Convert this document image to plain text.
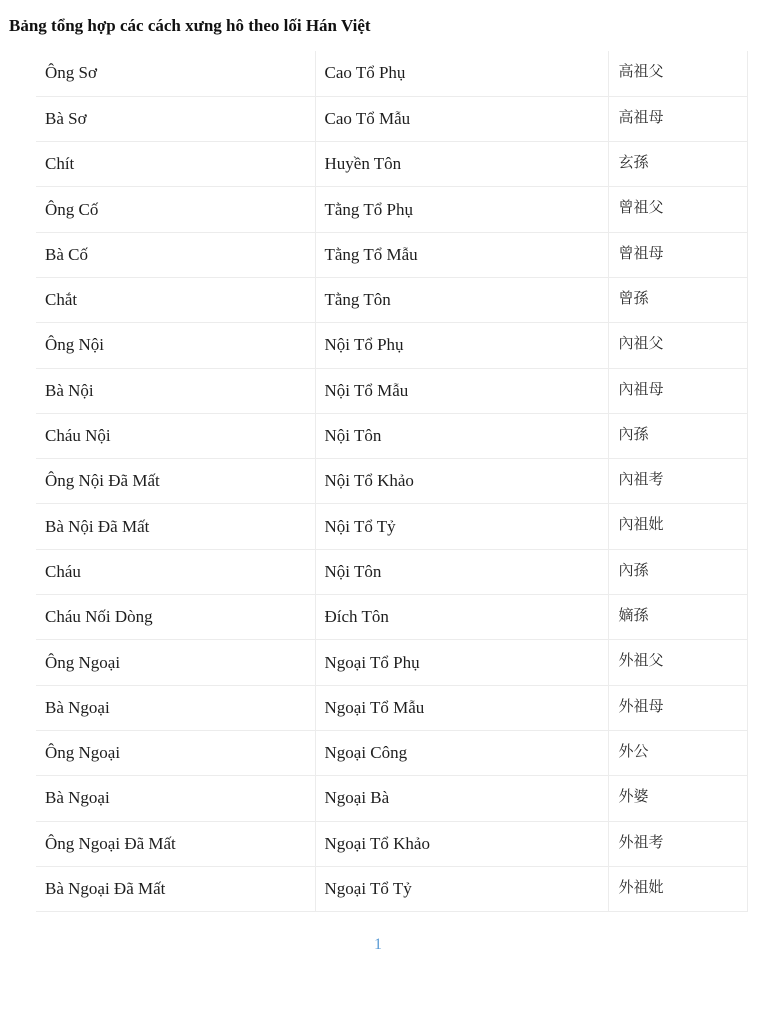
Bảng tổng hợp các cách xưng hô theo lối Hán Việt
Ông Sơ	Cao Tổ Phụ	高祖父
Bà Sơ	Cao Tổ Mẫu	高祖母
Chít	Huyền Tôn	玄孫
Ông Cố	Tằng Tổ Phụ	曾祖父
Bà Cố	Tằng Tổ Mẫu	曾祖母
Chắt	Tằng Tôn	曾孫
Ông Nội	Nội Tổ Phụ	內祖父
Bà Nội	Nội Tổ Mẫu	內祖母
Cháu Nội	Nội Tôn	內孫
Ông Nội Đã Mất	Nội Tổ Khảo	內祖考
Bà Nội Đã Mất	Nội Tổ Tỷ	內祖妣
Cháu	Nội Tôn	內孫
Cháu Nối Dòng	Đích Tôn	嫡孫
Ông Ngoại	Ngoại Tổ Phụ	外祖父
Bà Ngoại	Ngoại Tổ Mẫu	外祖母
Ông Ngoại	Ngoại Công	外公
Bà Ngoại	Ngoại Bà	外婆
Ông Ngoại Đã Mất	Ngoại Tổ Khảo	外祖考
Bà Ngoại Đã Mất	Ngoại Tổ Tỷ	外祖妣
1
